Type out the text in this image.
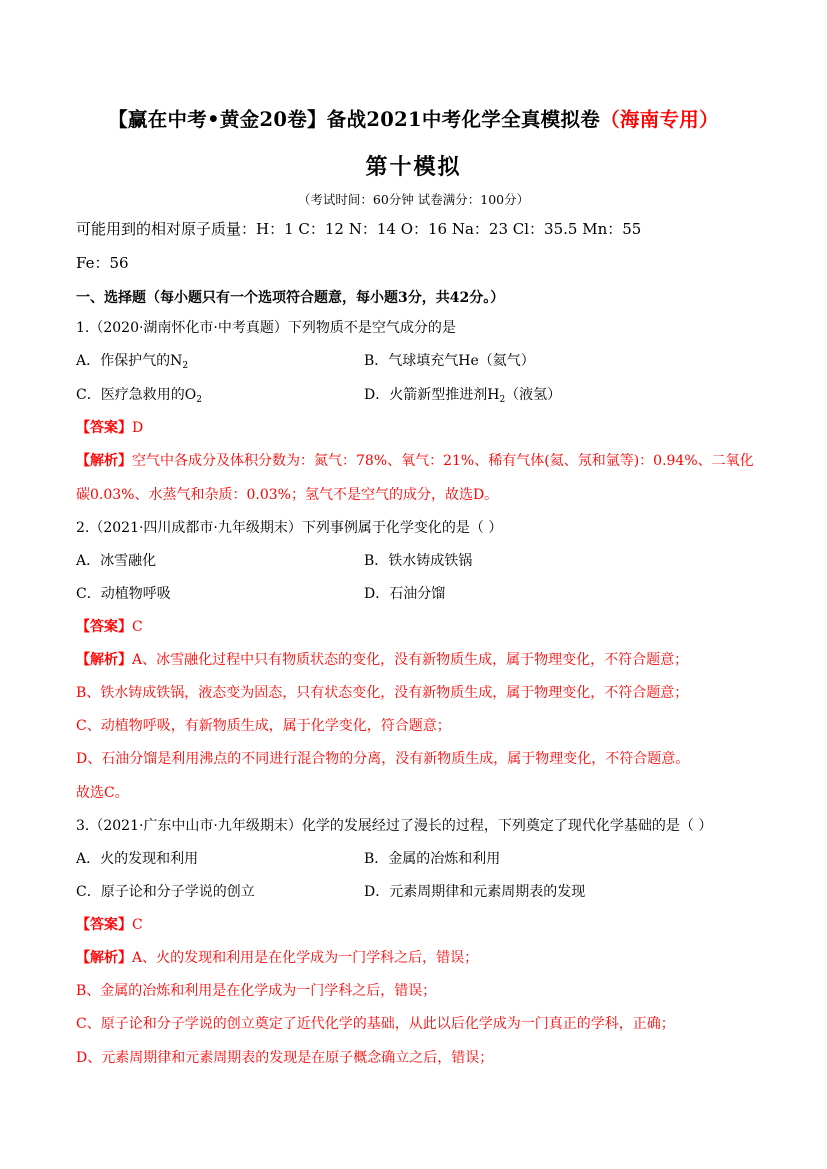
【赢在中考•黄金20卷】备战2021中考化学全真模拟卷（海南专用）
第十模拟
（考试时间：60分钟 试卷满分：100分）
可能用到的相对原子质量：H：1 C：12 N：14 O：16 Na：23 Cl：35.5 Mn：55
Fe：56
一、选择题（每小题只有一个选项符合题意，每小题3分，共42分。）
1.（2020·湖南怀化市·中考真题）下列物质不是空气成分的是
A．作保护气的$N_2$	B．气球填充气He（氦气）
C．医疗急救用的$O_2$	D．火箭新型推进剂$H_2$（液氢）
【答案】D
【解析】空气中各成分及体积分数为：氮气：78%、氧气：21%、稀有气体(氦、氖和氩等)：0.94%、二氧化
碳0.03%、水蒸气和杂质：0.03%；氢气不是空气的成分，故选D。
2.（2021·四川成都市·九年级期末）下列事例属于化学变化的是（ ）
A．冰雪融化	B．铁水铸成铁锅
C．动植物呼吸	D．石油分馏
【答案】C
【解析】A、冰雪融化过程中只有物质状态的变化，没有新物质生成，属于物理变化，不符合题意；
B、铁水铸成铁锅，液态变为固态，只有状态变化，没有新物质生成，属于物理变化，不符合题意；
C、动植物呼吸，有新物质生成，属于化学变化，符合题意；
D、石油分馏是利用沸点的不同进行混合物的分离，没有新物质生成，属于物理变化，不符合题意。
故选C。
3.（2021·广东中山市·九年级期末）化学的发展经过了漫长的过程，下列奠定了现代化学基础的是（ ）
A．火的发现和利用	B．金属的冶炼和利用
C．原子论和分子学说的创立	D．元素周期律和元素周期表的发现
【答案】C
【解析】A、火的发现和利用是在化学成为一门学科之后，错误；
B、金属的冶炼和利用是在化学成为一门学科之后，错误；
C、原子论和分子学说的创立奠定了近代化学的基础，从此以后化学成为一门真正的学科，正确；
D、元素周期律和元素周期表的发现是在原子概念确立之后，错误；
